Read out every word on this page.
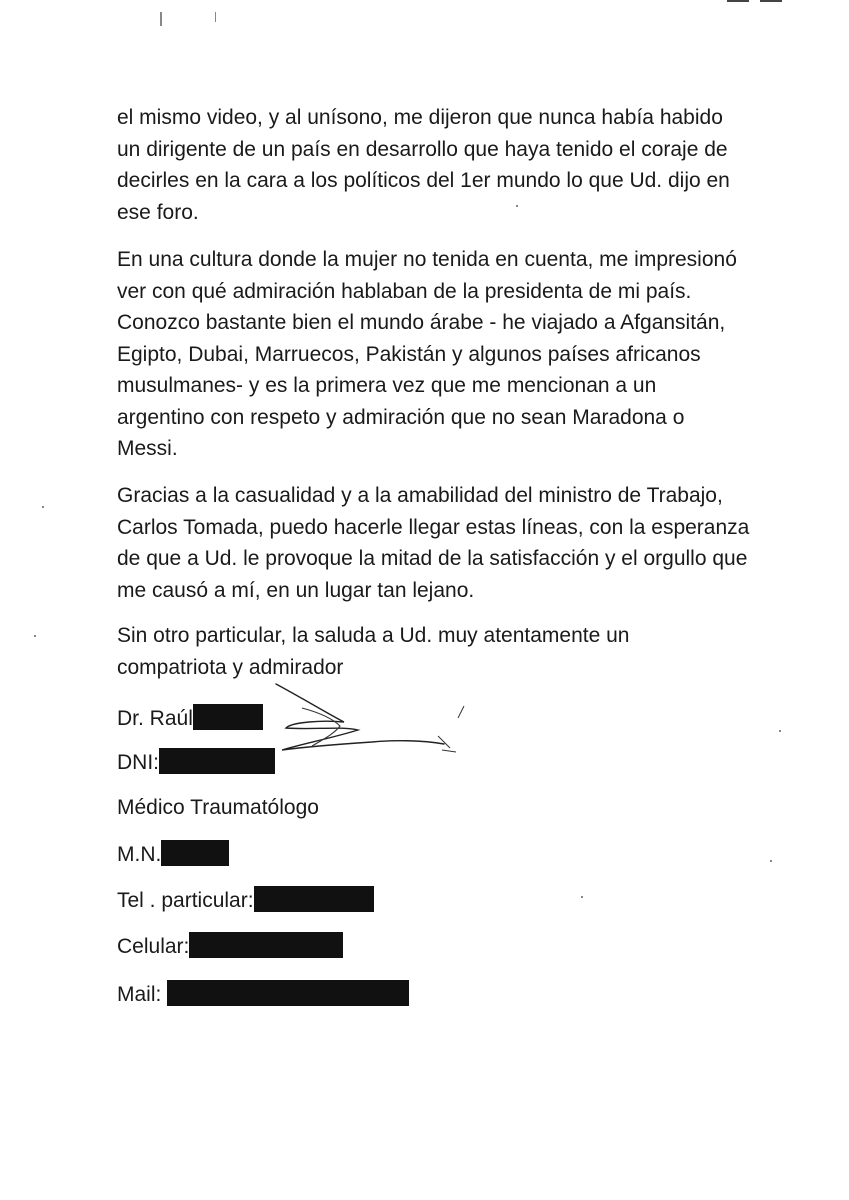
el mismo video, y al unísono, me dijeron que nunca había habido
un dirigente de un país en desarrollo que haya tenido el coraje de
decirles en la cara a los políticos del 1er mundo lo que Ud. dijo en
ese foro.

En una cultura donde la mujer no tenida en cuenta, me impresionó
ver con qué admiración hablaban de la presidenta de mi país.
Conozco bastante bien el mundo árabe - he viajado a Afgansitán,
Egipto, Dubai, Marruecos, Pakistán y algunos países africanos
musulmanes- y es la primera vez que me mencionan a un
argentino con respeto y admiración que no sean Maradona o
Messi.

Gracias a la casualidad y a la amabilidad del ministro de Trabajo,
Carlos Tomada, puedo hacerle llegar estas líneas, con la esperanza
de que a Ud. le provoque la mitad de la satisfacción y el orgullo que
me causó a mí, en un lugar tan lejano.

Sin otro particular, la saluda a Ud. muy atentamente un
compatriota y admirador

Dr. Raúl
DNI:
Médico Traumatólogo
M.N.
Tel . particular:
Celular:
Mail:
